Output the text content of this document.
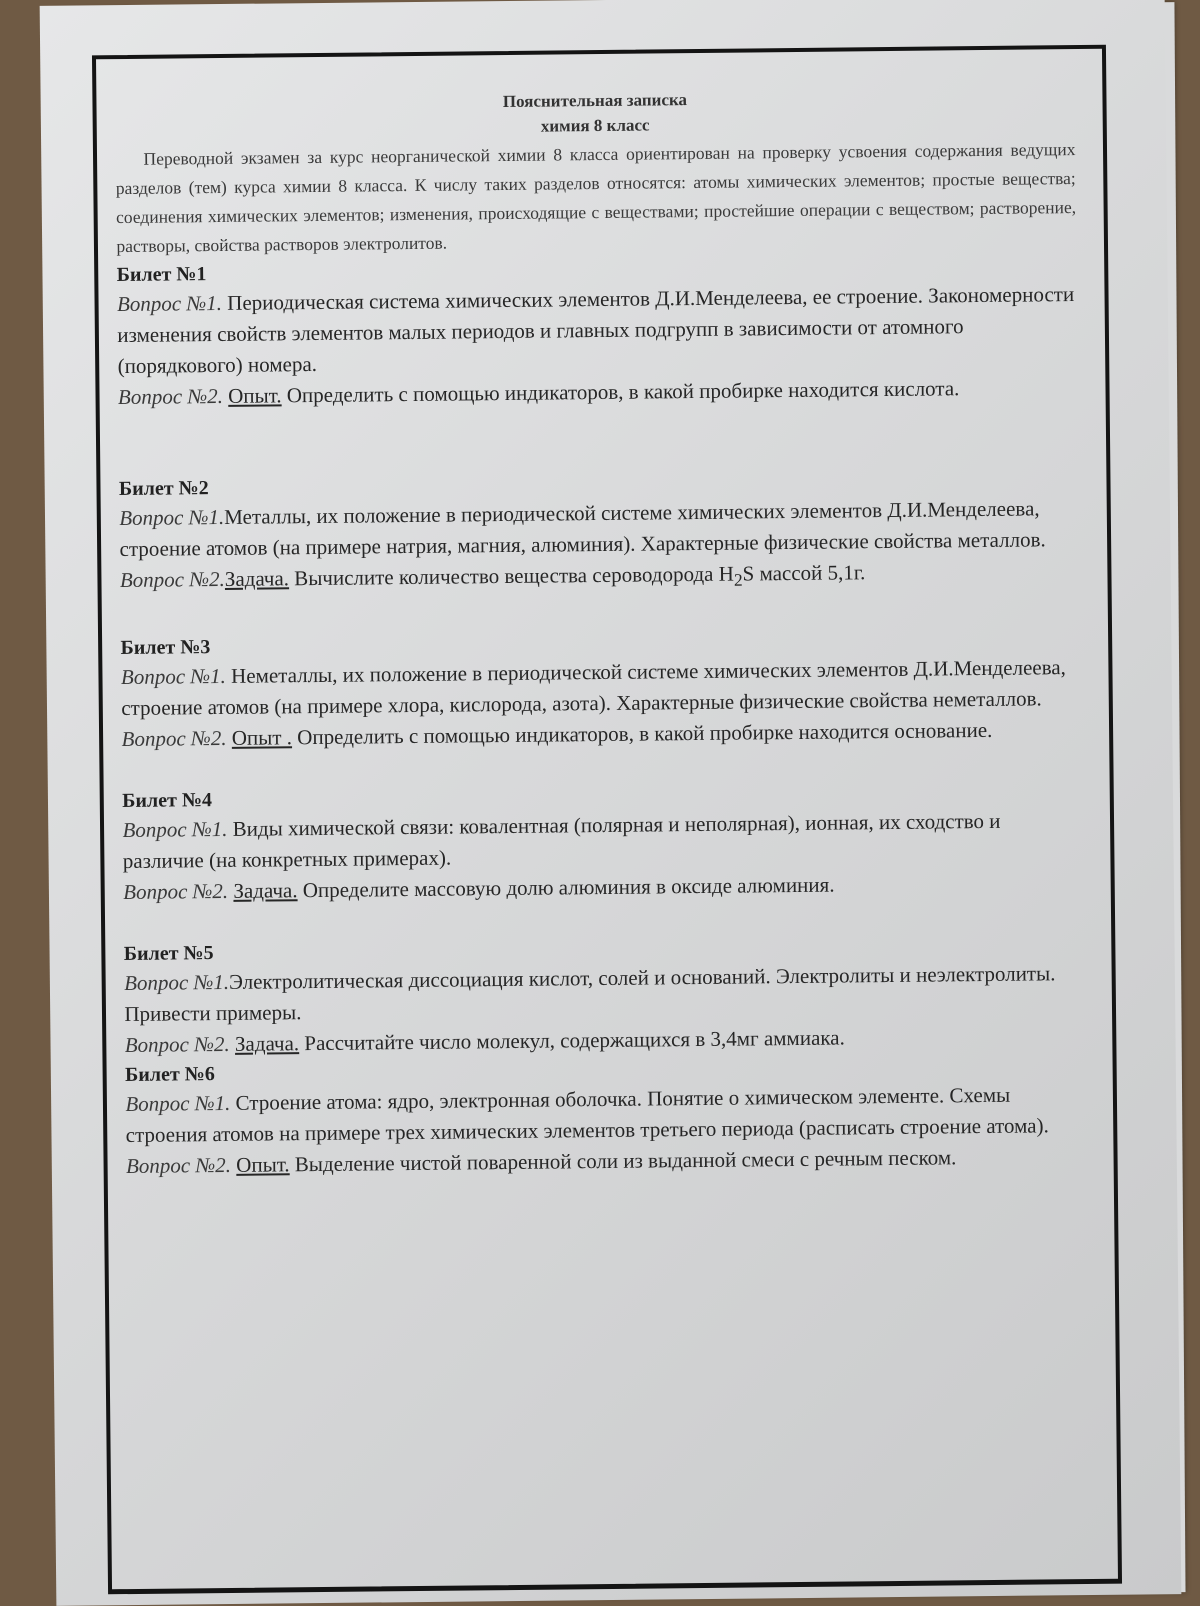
Пояснительная записка
химия 8 класс

Переводной экзамен за курс неорганической химии 8 класса ориентирован на проверку усвоения содержания ведущих разделов (тем) курса химии 8 класса. К числу таких разделов относятся: атомы химических элементов; простые вещества; соединения химических элементов; изменения, происходящие с веществами; простейшие операции с веществом; растворение, растворы, свойства растворов электролитов.

Билет №1
Вопрос №1. Периодическая система химических элементов Д.И.Менделеева, ее строение. Закономерности изменения свойств элементов малых периодов и главных подгрупп в зависимости от атомного (порядкового) номера.
Вопрос №2. Опыт. Определить с помощью индикаторов, в какой пробирке находится кислота.
Билет №2
Вопрос №1.Металлы, их положение в периодической системе химических элементов Д.И.Менделеева, строение атомов (на примере натрия, магния, алюминия). Характерные физические свойства металлов.
Вопрос №2.Задача. Вычислите количество вещества сероводорода $H_2S$ массой 5,1г.
Билет №3
Вопрос №1. Неметаллы, их положение в периодической системе химических элементов Д.И.Менделеева, строение атомов (на примере хлора, кислорода, азота). Характерные физические свойства неметаллов.
Вопрос №2. Опыт . Определить с помощью индикаторов, в какой пробирке находится основание.
Билет №4
Вопрос №1. Виды химической связи: ковалентная (полярная и неполярная), ионная, их сходство и различие (на конкретных примерах).
Вопрос №2. Задача. Определите массовую долю алюминия в оксиде алюминия.
Билет №5
Вопрос №1.Электролитическая диссоциация кислот, солей и оснований. Электролиты и неэлектролиты. Привести примеры.
Вопрос №2. Задача. Рассчитайте число молекул, содержащихся в 3,4мг аммиака.
Билет №6
Вопрос №1. Строение атома: ядро, электронная оболочка. Понятие о химическом элементе. Схемы строения атомов на примере трех химических элементов третьего периода (расписать строение атома).
Вопрос №2. Опыт. Выделение чистой поваренной соли из выданной смеси с речным песком.
